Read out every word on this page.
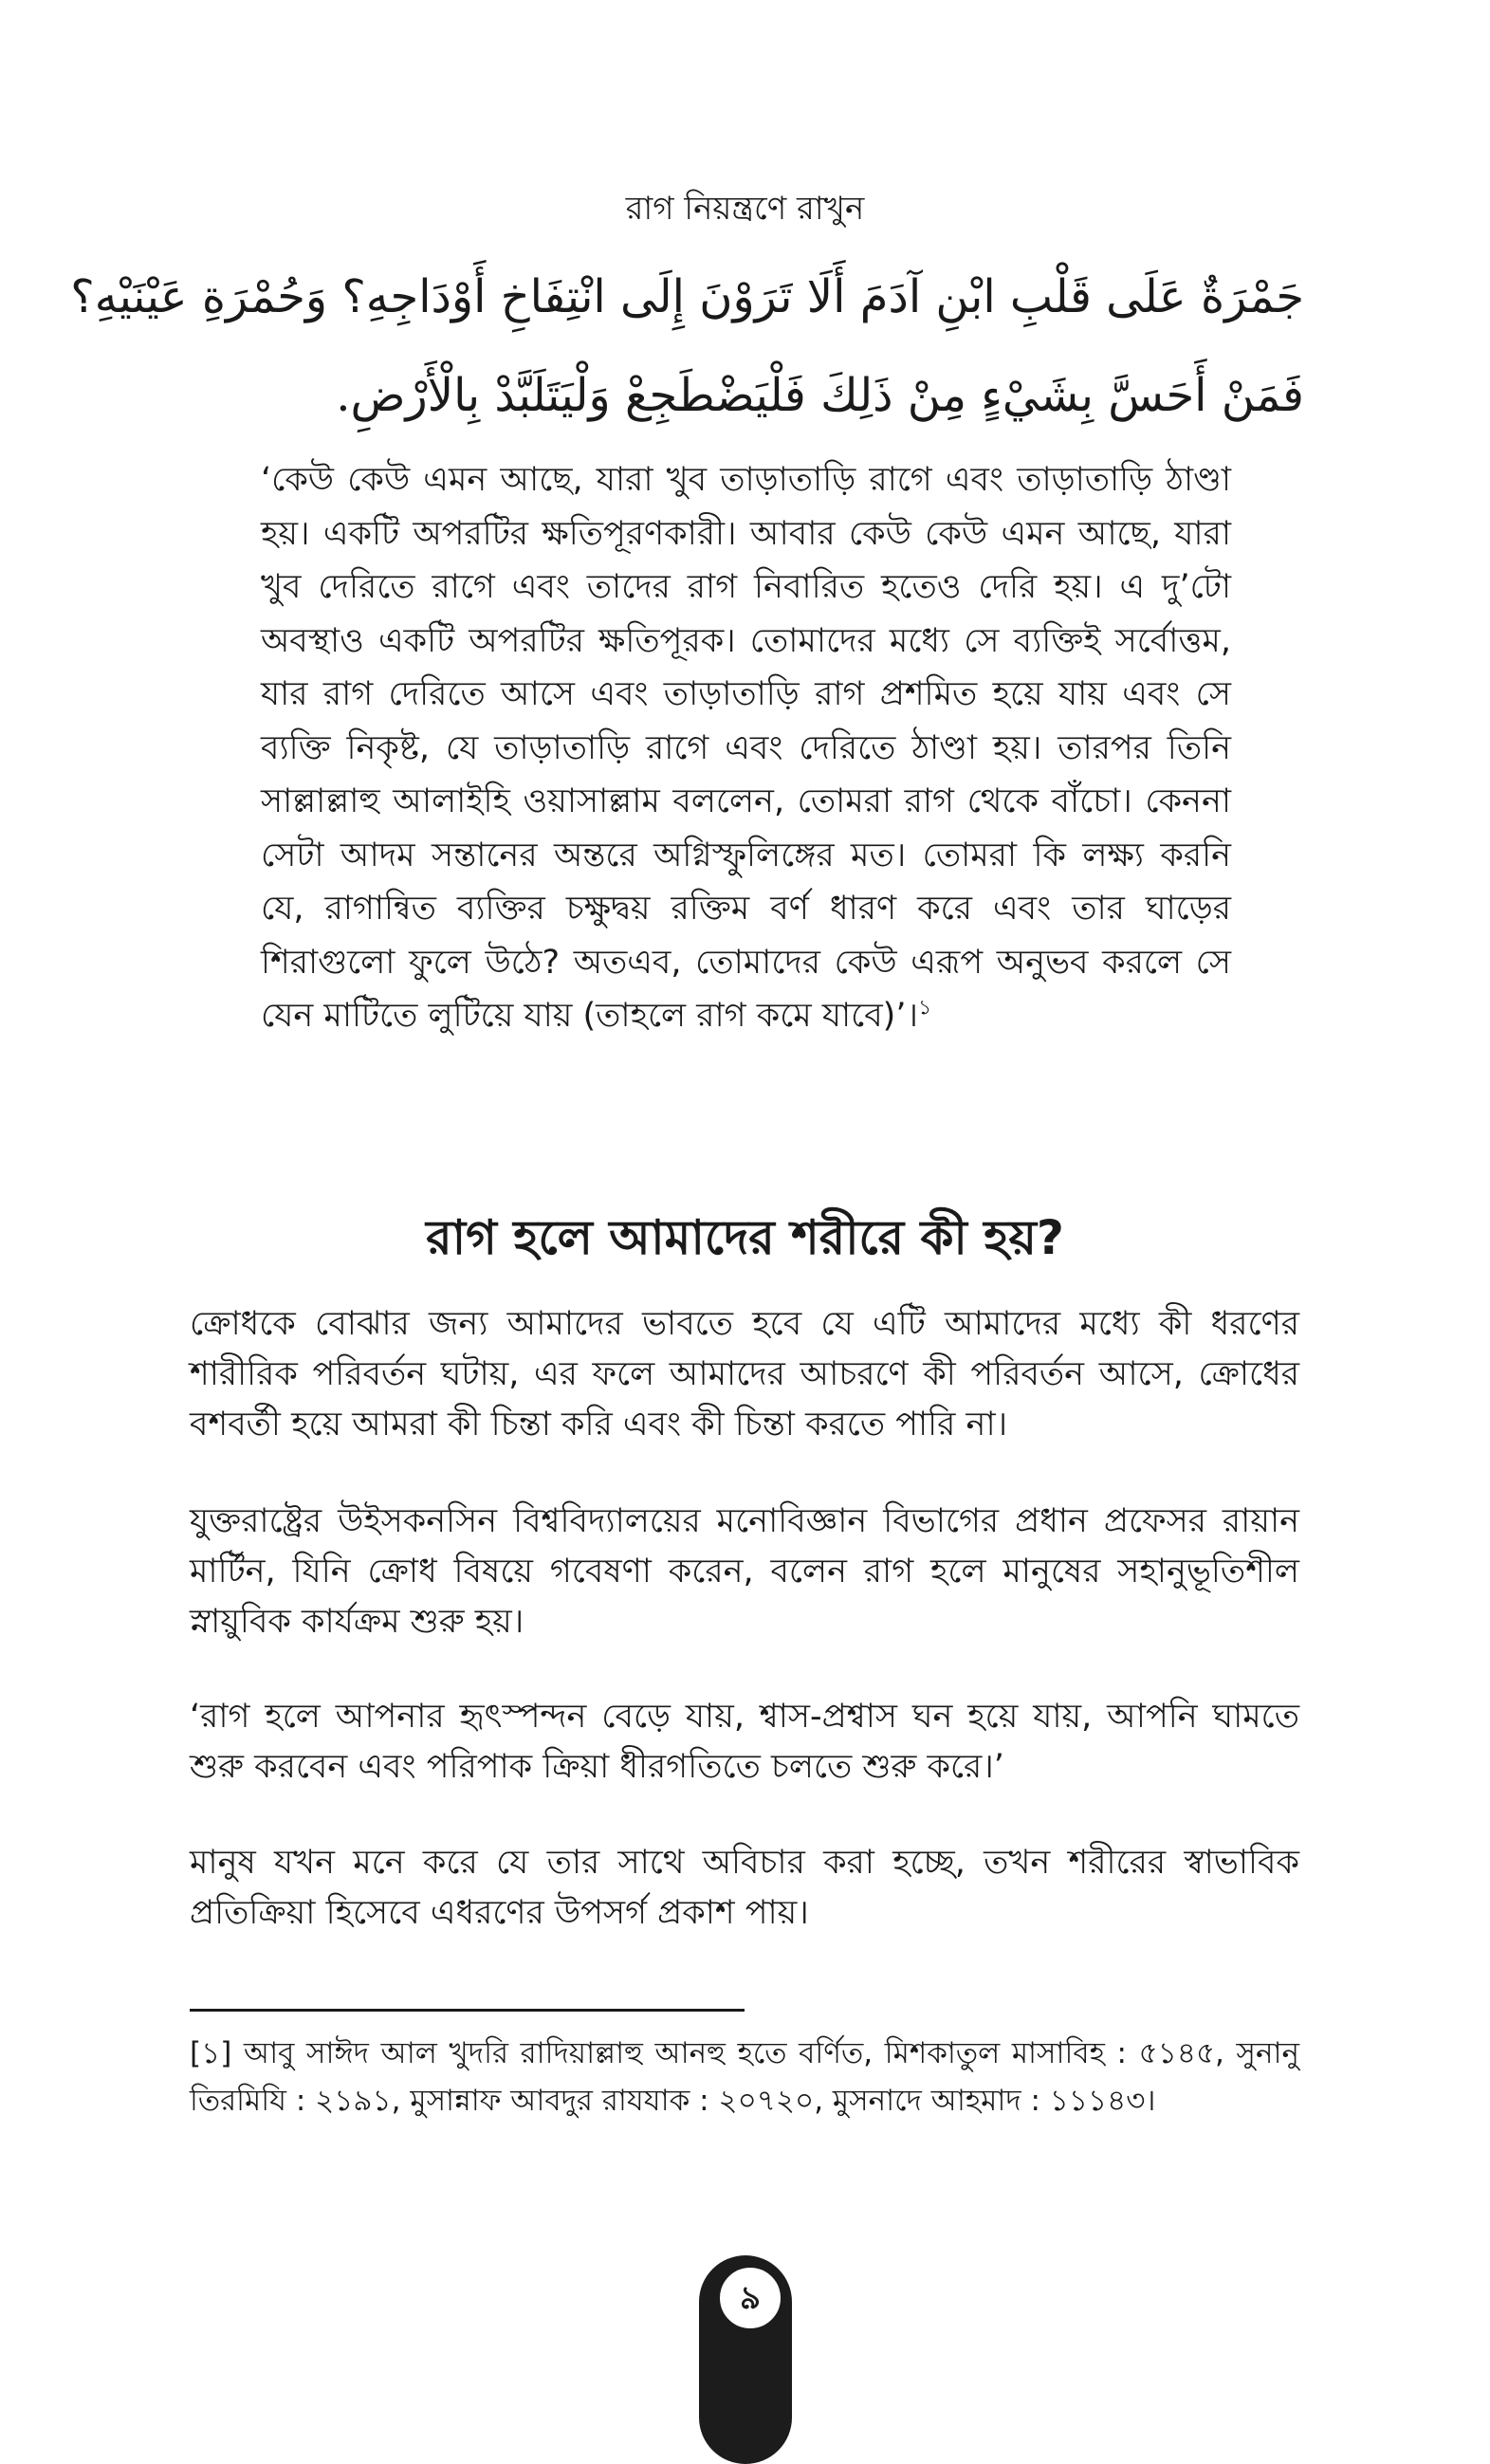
রাগ নিয়ন্ত্রণে রাখুন
جَمْرَةٌ عَلَى قَلْبِ ابْنِ آدَمَ أَلَا تَرَوْنَ إِلَى انْتِفَاخِ أَوْدَاجِهِ؟ وَحُمْرَةِ عَيْنَيْهِ؟
فَمَنْ أَحَسَّ بِشَيْءٍ مِنْ ذَلِكَ فَلْيَضْطَجِعْ وَلْيَتَلَبَّدْ بِالْأَرْضِ.

‘কেউ কেউ এমন আছে, যারা খুব তাড়াতাড়ি রাগে এবং তাড়াতাড়ি ঠাণ্ডা হয়। একটি অপরটির ক্ষতিপূরণকারী। আবার কেউ কেউ এমন আছে, যারা খুব দেরিতে রাগে এবং তাদের রাগ নিবারিত হতেও দেরি হয়। এ দু’টো অবস্থাও একটি অপরটির ক্ষতিপূরক। তোমাদের মধ্যে সে ব্যক্তিই সর্বোত্তম, যার রাগ দেরিতে আসে এবং তাড়াতাড়ি রাগ প্রশমিত হয়ে যায় এবং সে ব্যক্তি নিকৃষ্ট, যে তাড়াতাড়ি রাগে এবং দেরিতে ঠাণ্ডা হয়। তারপর তিনি সাল্লাল্লাহু আলাইহি ওয়াসাল্লাম বললেন, তোমরা রাগ থেকে বাঁচো। কেননা সেটা আদম সন্তানের অন্তরে অগ্নিস্ফুলিঙ্গের মত। তোমরা কি লক্ষ্য করনি যে, রাগান্বিত ব্যক্তির চক্ষুদ্বয় রক্তিম বর্ণ ধারণ করে এবং তার ঘাড়ের শিরাগুলো ফুলে উঠে? অতএব, তোমাদের কেউ এরূপ অনুভব করলে সে যেন মাটিতে লুটিয়ে যায় (তাহলে রাগ কমে যাবে)’।$^১$

রাগ হলে আমাদের শরীরে কী হয়?

ক্রোধকে বোঝার জন্য আমাদের ভাবতে হবে যে এটি আমাদের মধ্যে কী ধরণের শারীরিক পরিবর্তন ঘটায়, এর ফলে আমাদের আচরণে কী পরিবর্তন আসে, ক্রোধের বশবর্তী হয়ে আমরা কী চিন্তা করি এবং কী চিন্তা করতে পারি না।

যুক্তরাষ্ট্রের উইসকনসিন বিশ্ববিদ্যালয়ের মনোবিজ্ঞান বিভাগের প্রধান প্রফেসর রায়ান মার্টিন, যিনি ক্রোধ বিষয়ে গবেষণা করেন, বলেন রাগ হলে মানুষের সহানুভূতিশীল স্নায়ুবিক কার্যক্রম শুরু হয়।

‘রাগ হলে আপনার হৃৎস্পন্দন বেড়ে যায়, শ্বাস-প্রশ্বাস ঘন হয়ে যায়, আপনি ঘামতে শুরু করবেন এবং পরিপাক ক্রিয়া ধীরগতিতে চলতে শুরু করে।’

মানুষ যখন মনে করে যে তার সাথে অবিচার করা হচ্ছে, তখন শরীরের স্বাভাবিক প্রতিক্রিয়া হিসেবে এধরণের উপসর্গ প্রকাশ পায়।

[১] আবু সাঈদ আল খুদরি রাদিয়াল্লাহু আনহু হতে বর্ণিত, মিশকাতুল মাসাবিহ : ৫১৪৫, সুনানু তিরমিযি : ২১৯১, মুসান্নাফ আবদুর রাযযাক : ২০৭২০, মুসনাদে আহমাদ : ১১১৪৩।

৯
